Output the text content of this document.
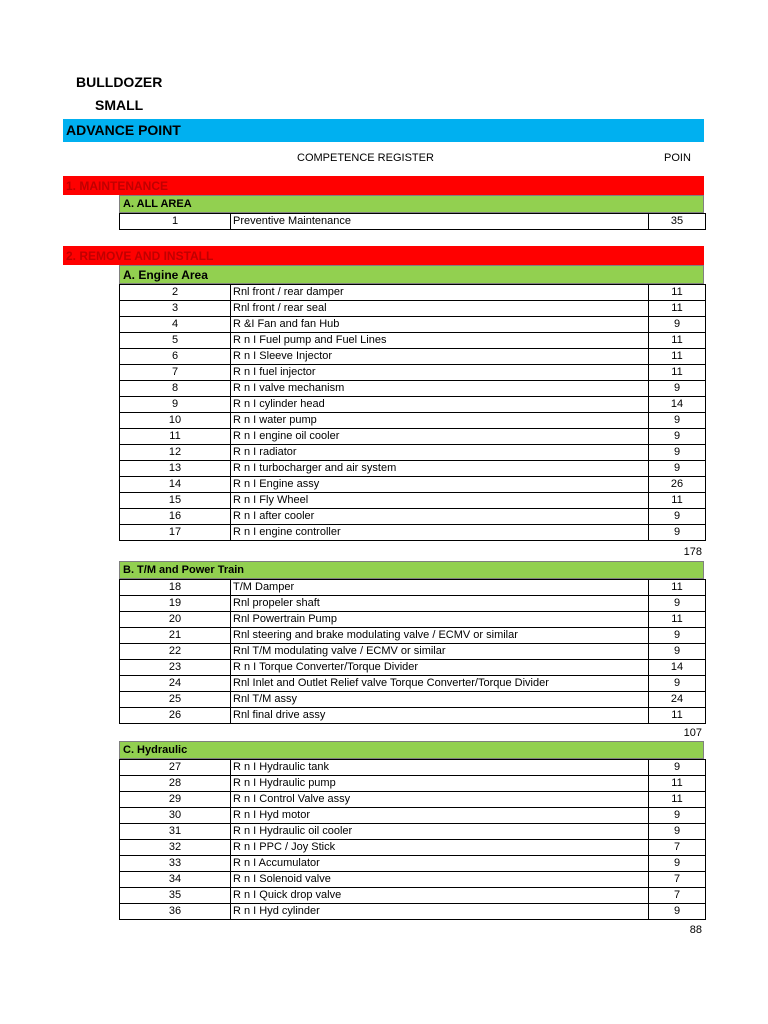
BULLDOZER
SMALL
ADVANCE POINT
COMPETENCE REGISTER	POIN
1. MAINTENANCE
A. ALL AREA
1	Preventive Maintenance	35
2. REMOVE AND INSTALL
A. Engine Area
2	Rnl front / rear damper	11
3	Rnl front / rear seal	11
4	R &I Fan and fan Hub	9
5	R n I Fuel pump and Fuel Lines	11
6	R n I Sleeve Injector	11
7	R n I fuel injector	11
8	R n I valve mechanism	9
9	R n I cylinder head	14
10	R n I water pump	9
11	R n I engine oil cooler	9
12	R n I radiator	9
13	R n I turbocharger and air system	9
14	R n I Engine assy	26
15	R n I Fly Wheel	11
16	R n I after cooler	9
17	R n I engine controller	9
178
B. T/M and Power Train
18	T/M Damper	11
19	Rnl propeler shaft	9
20	Rnl Powertrain Pump	11
21	Rnl steering and brake modulating valve / ECMV or similar	9
22	Rnl T/M modulating valve / ECMV or similar	9
23	R n I Torque Converter/Torque Divider	14
24	Rnl Inlet and Outlet Relief valve Torque Converter/Torque Divider	9
25	Rnl T/M assy	24
26	Rnl final drive assy	11
107
C. Hydraulic
27	R n I Hydraulic tank	9
28	R n I Hydraulic pump	11
29	R n I Control Valve assy	11
30	R n I Hyd motor	9
31	R n I Hydraulic oil cooler	9
32	R n I PPC / Joy Stick	7
33	R n I Accumulator	9
34	R n I Solenoid valve	7
35	R n I Quick drop valve	7
36	R n I Hyd cylinder	9
88
